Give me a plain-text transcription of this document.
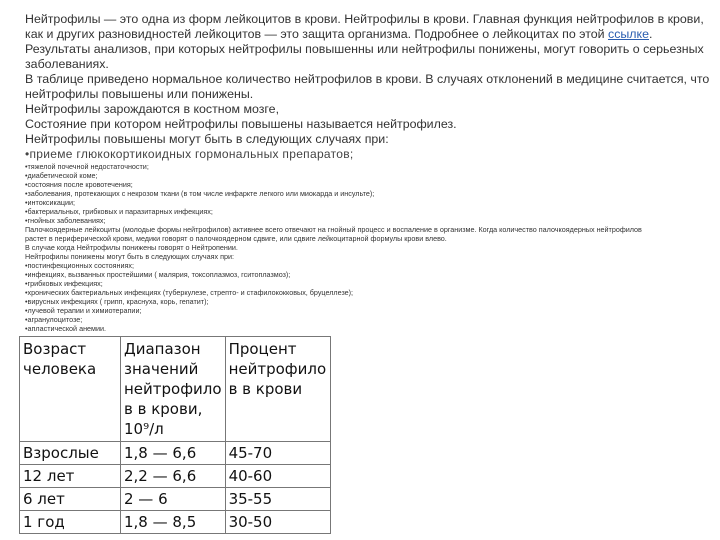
Нейтрофилы — это одна из форм лейкоцитов в крови. Нейтрофилы в крови. Главная функция нейтрофилов в крови, как и других разновидностей лейкоцитов — это защита организма. Подробнее о лейкоцитах по этой ссылке.
Результаты анализов, при которых нейтрофилы повышенны или нейтрофилы понижены, могут говорить о серьезных заболеваниях.
В таблице приведено нормальное количество нейтрофилов в крови. В случаях отклонений в медицине считается, что нейтрофилы повышены или понижены.
Нейтрофилы зарождаются в костном мозге,
Состояние при котором нейтрофилы повышены называется нейтрофилез.
Нейтрофилы повышены могут быть в следующих случаях при:
•приеме глюкокортикоидных гормональных препаратов;
•тяжелой почечной недостаточности;
•диабетической коме;
•состояния после кровотечения;
•заболевания, протекающих с некрозом ткани (в том числе инфаркте легкого или миокарда и инсульте);
•интоксикации;
•бактериальных, грибковых и паразитарных инфекциях;
•гнойных заболеваниях;
Палочкоядерные лейкоциты (молодые формы нейтрофилов) активнее всего отвечают на гнойный процесс и воспаление в организме. Когда количество палочкоядерных нейтрофилов
растет в периферической крови, медики говорят о палочкоядерном сдвиге, или сдвиге лейкоцитарной формулы крови влево.
В случае когда Нейтрофилы понижены говорят о Нейтропении.
Нейтрофилы понижены могут быть в следующих случаях при:
•постинфекционных состояниях;
•инфекциях, вызванных простейшими ( малярия, токсоплазмоз, гситоплазмоз);
•грибковых инфекциях;
•хронических бактериальных инфекциях (туберкулезе, стрепто- и стафилококковых, бруцеллезе);
•вирусных инфекциях ( грипп, краснуха, корь, гепатит);
•лучевой терапии и химиотерапии;
•агранулоцитозе;
•апластической анемии.
Возраст человека	Диапазон значений нейтрофило в в крови, 10⁹/л	Процент нейтрофило в в крови
Взрослые	1,8 — 6,6	45-70
12 лет	2,2 — 6,6	40-60
6 лет	2 — 6	35-55
1 год	1,8 — 8,5	30-50
